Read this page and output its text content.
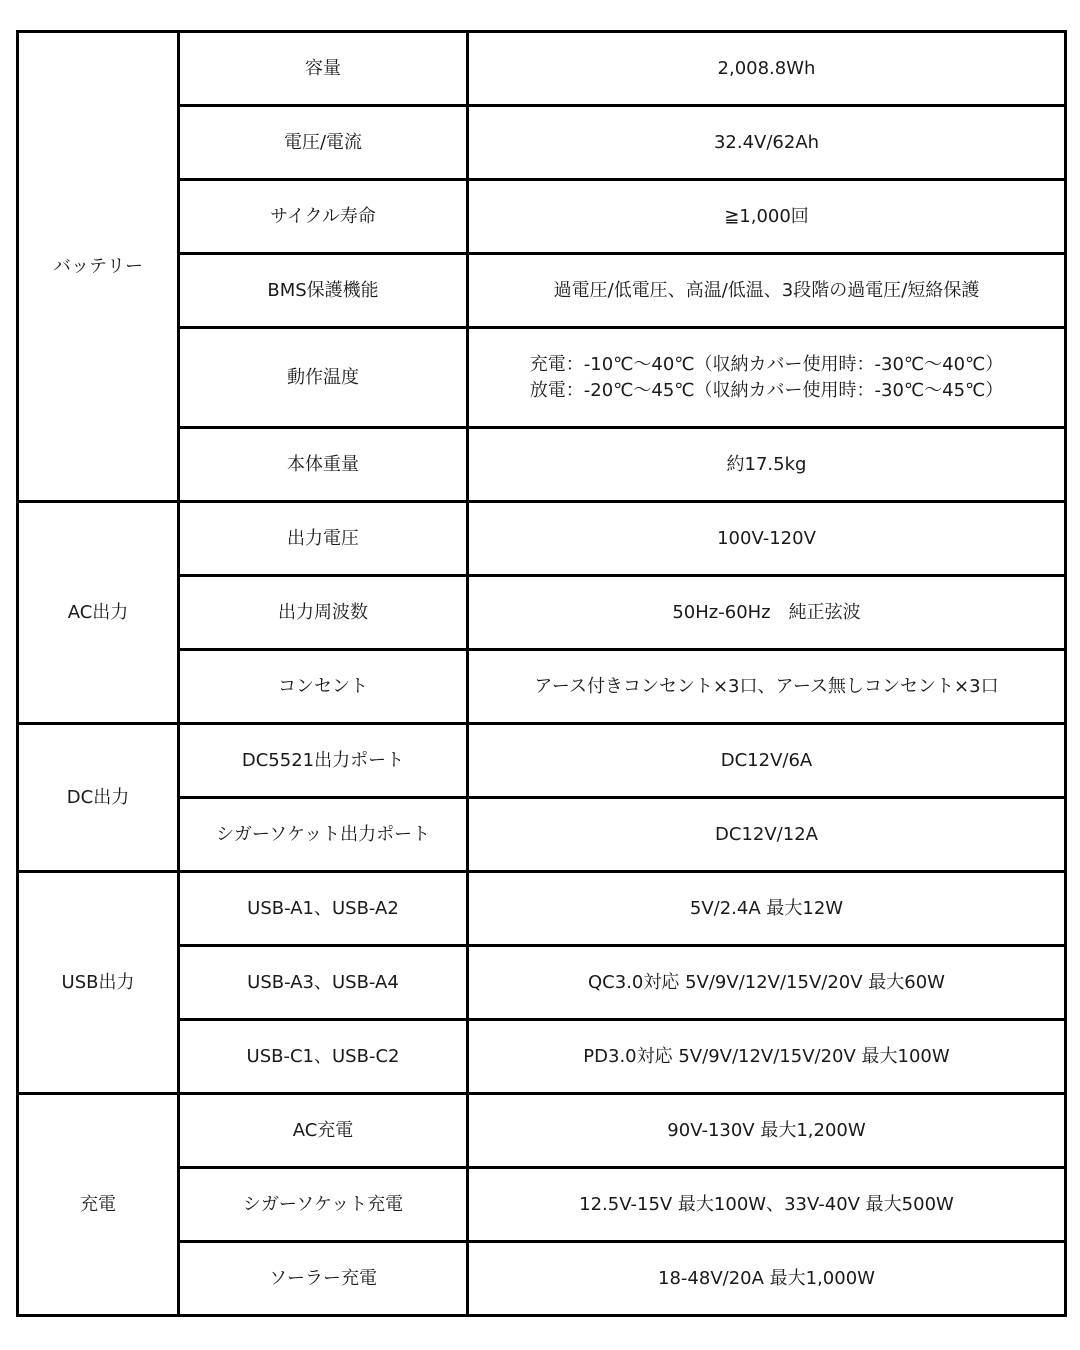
バッテリー	容量	2,008.8Wh
	電圧/電流	32.4V/62Ah
	サイクル寿命	≧1,000回
	BMS保護機能	過電圧/低電圧、高温/低温、3段階の過電圧/短絡保護
	動作温度	充電：-10℃～40℃（収納カバー使用時：-30℃～40℃）
放電：-20℃～45℃（収納カバー使用時：-30℃～45℃）

	本体重量	約17.5kg
AC出力	出力電圧	100V-120V
	出力周波数	50Hz-60Hz　純正弦波
	コンセント	アース付きコンセント×3口、アース無しコンセント×3口
DC出力	DC5521出力ポート	DC12V/6A
	シガーソケット出力ポート	DC12V/12A
USB出力	USB-A1、USB-A2	5V/2.4A 最大12W
	USB-A3、USB-A4	QC3.0対応 5V/9V/12V/15V/20V 最大60W
	USB-C1、USB-C2	PD3.0対応 5V/9V/12V/15V/20V 最大100W
充電	AC充電	90V-130V 最大1,200W
	シガーソケット充電	12.5V-15V 最大100W、33V-40V 最大500W
	ソーラー充電	18-48V/20A 最大1,000W
